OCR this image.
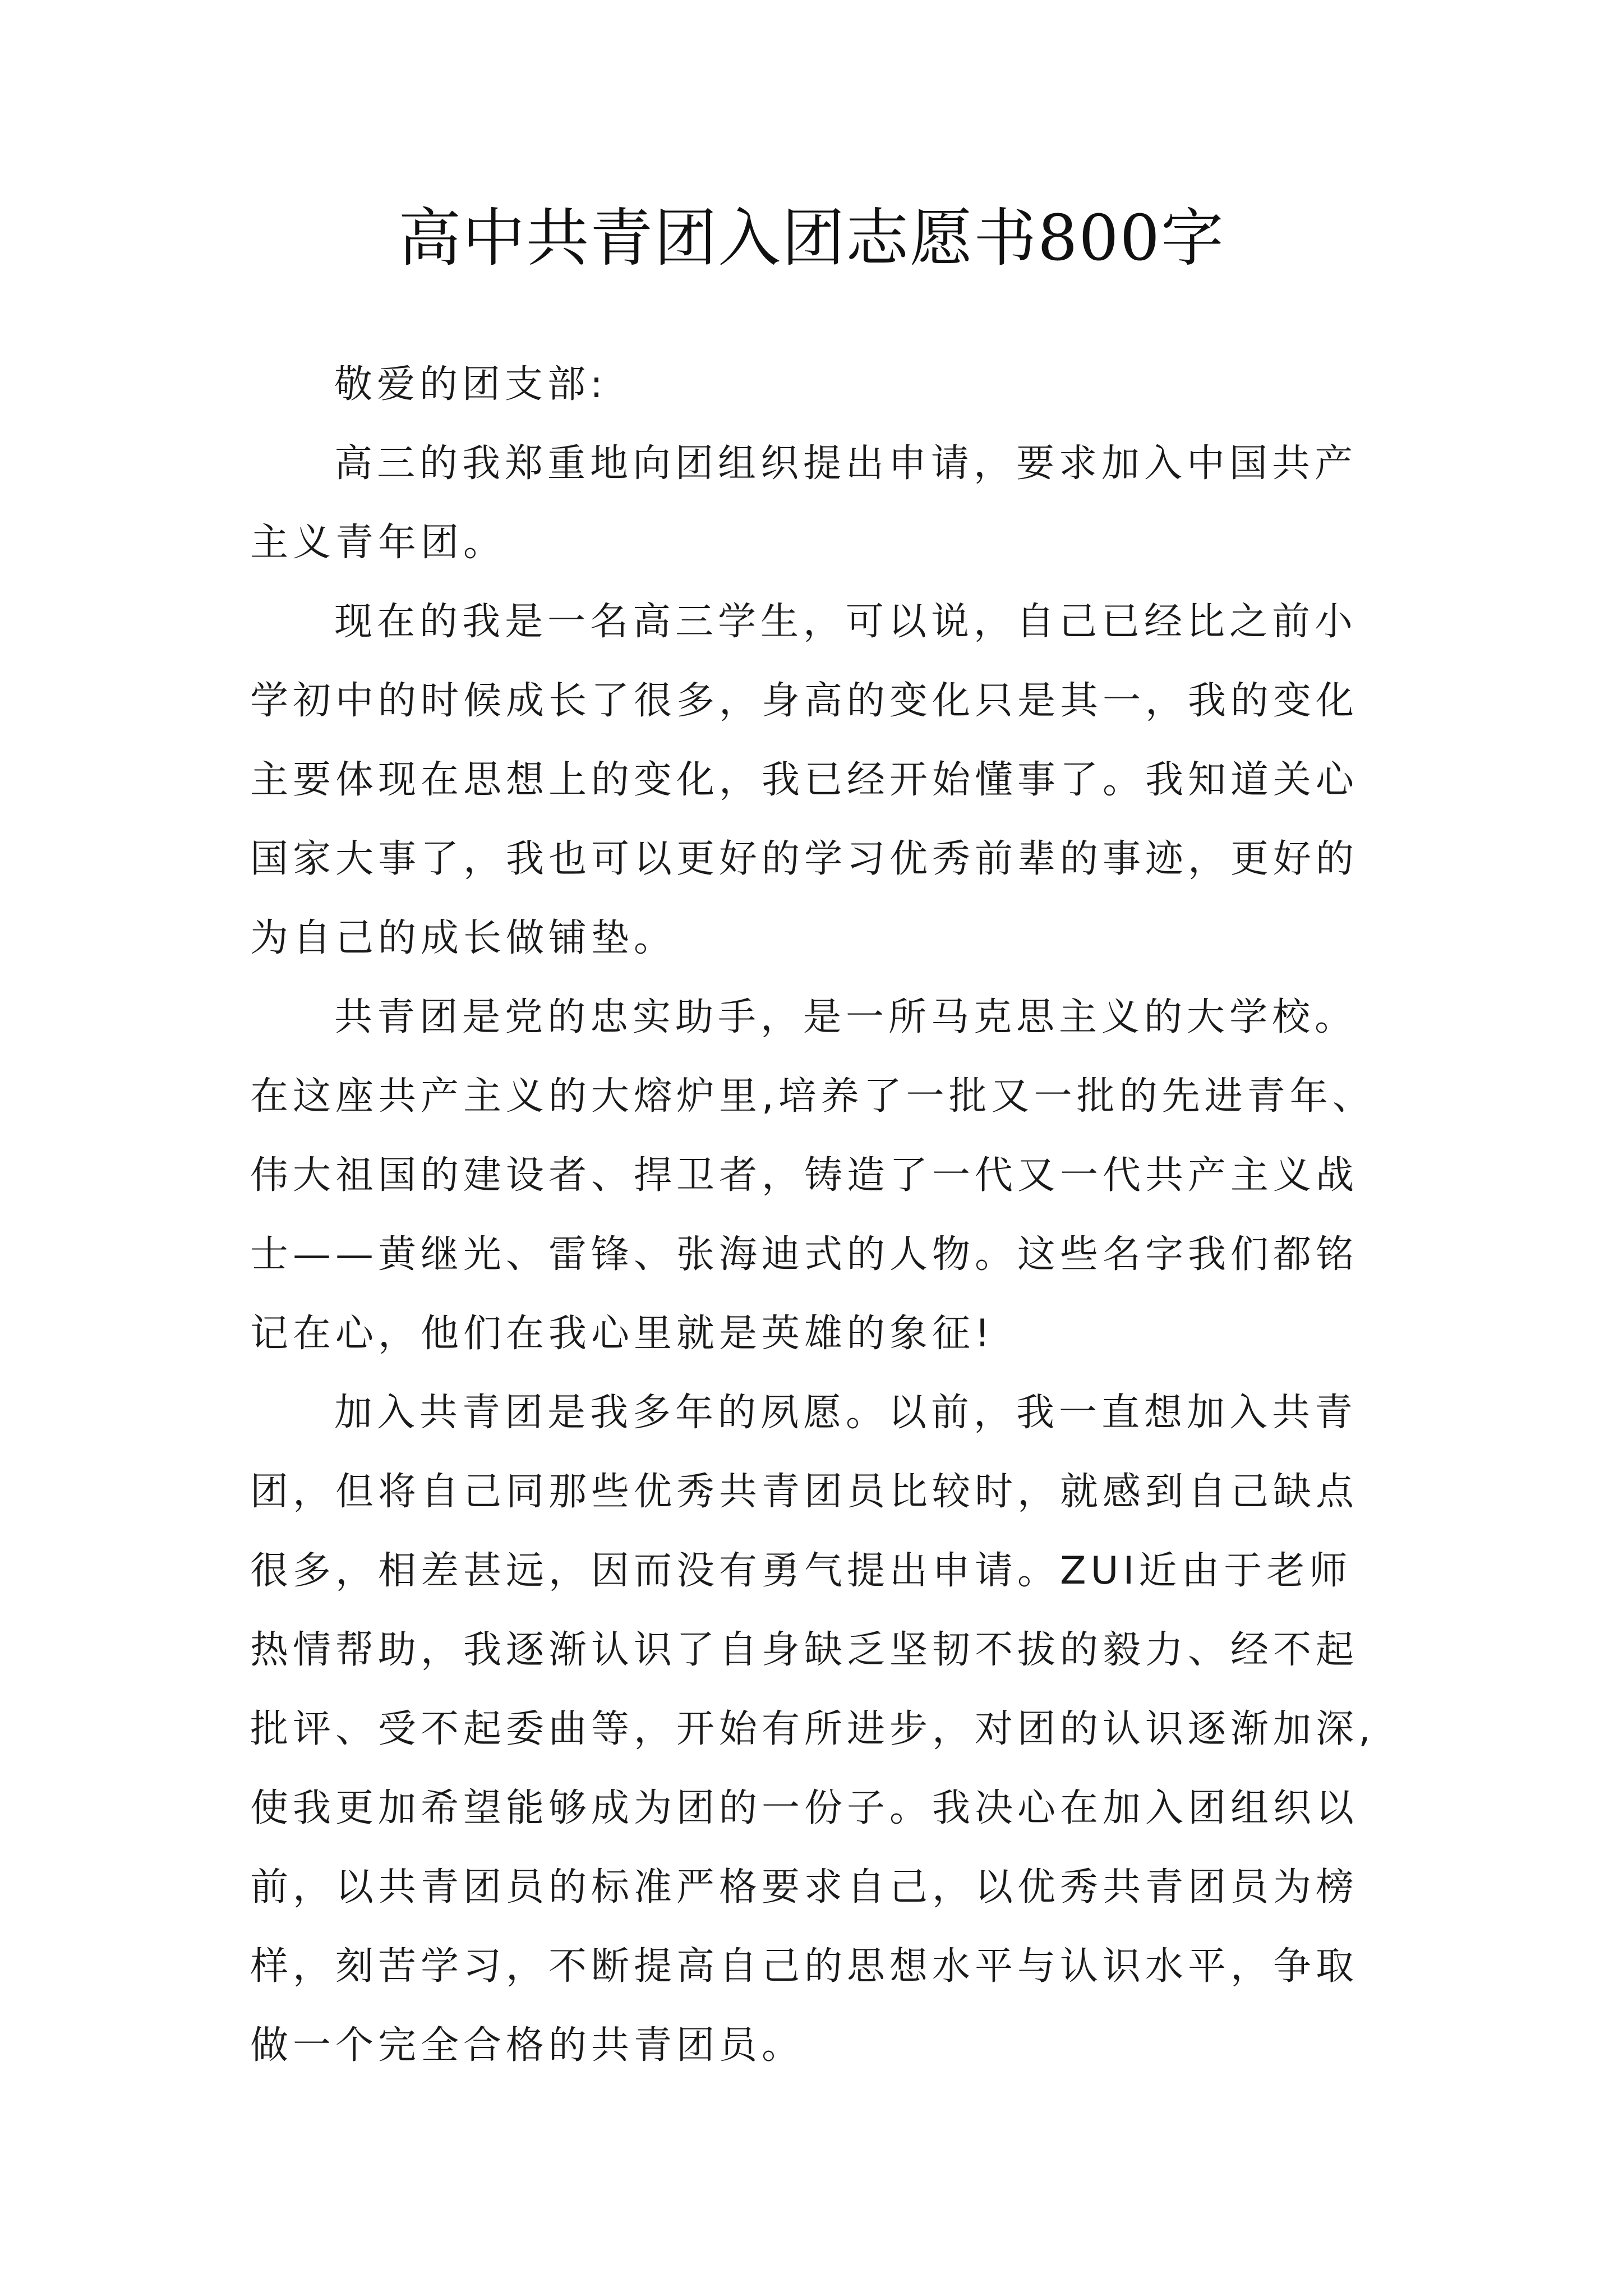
高中共青团入团志愿书800字
敬爱的团支部:
高三的我郑重地向团组织提出申请，要求加入中国共产
主义青年团。
现在的我是一名高三学生，可以说，自己已经比之前小
学初中的时候成长了很多，身高的变化只是其一，我的变化
主要体现在思想上的变化，我已经开始懂事了。我知道关心
国家大事了，我也可以更好的学习优秀前辈的事迹，更好的
为自己的成长做铺垫。
共青团是党的忠实助手，是一所马克思主义的大学校。
在这座共产主义的大熔炉里,培养了一批又一批的先进青年、
伟大祖国的建设者、捍卫者，铸造了一代又一代共产主义战
士——黄继光、雷锋、张海迪式的人物。这些名字我们都铭
记在心，他们在我心里就是英雄的象征!
加入共青团是我多年的夙愿。以前，我一直想加入共青
团，但将自己同那些优秀共青团员比较时，就感到自己缺点
很多，相差甚远，因而没有勇气提出申请。ZUI近由于老师
热情帮助，我逐渐认识了自身缺乏坚韧不拔的毅力、经不起
批评、受不起委曲等，开始有所进步，对团的认识逐渐加深,
使我更加希望能够成为团的一份子。我决心在加入团组织以
前，以共青团员的标准严格要求自己，以优秀共青团员为榜
样，刻苦学习，不断提高自己的思想水平与认识水平，争取
做一个完全合格的共青团员。
